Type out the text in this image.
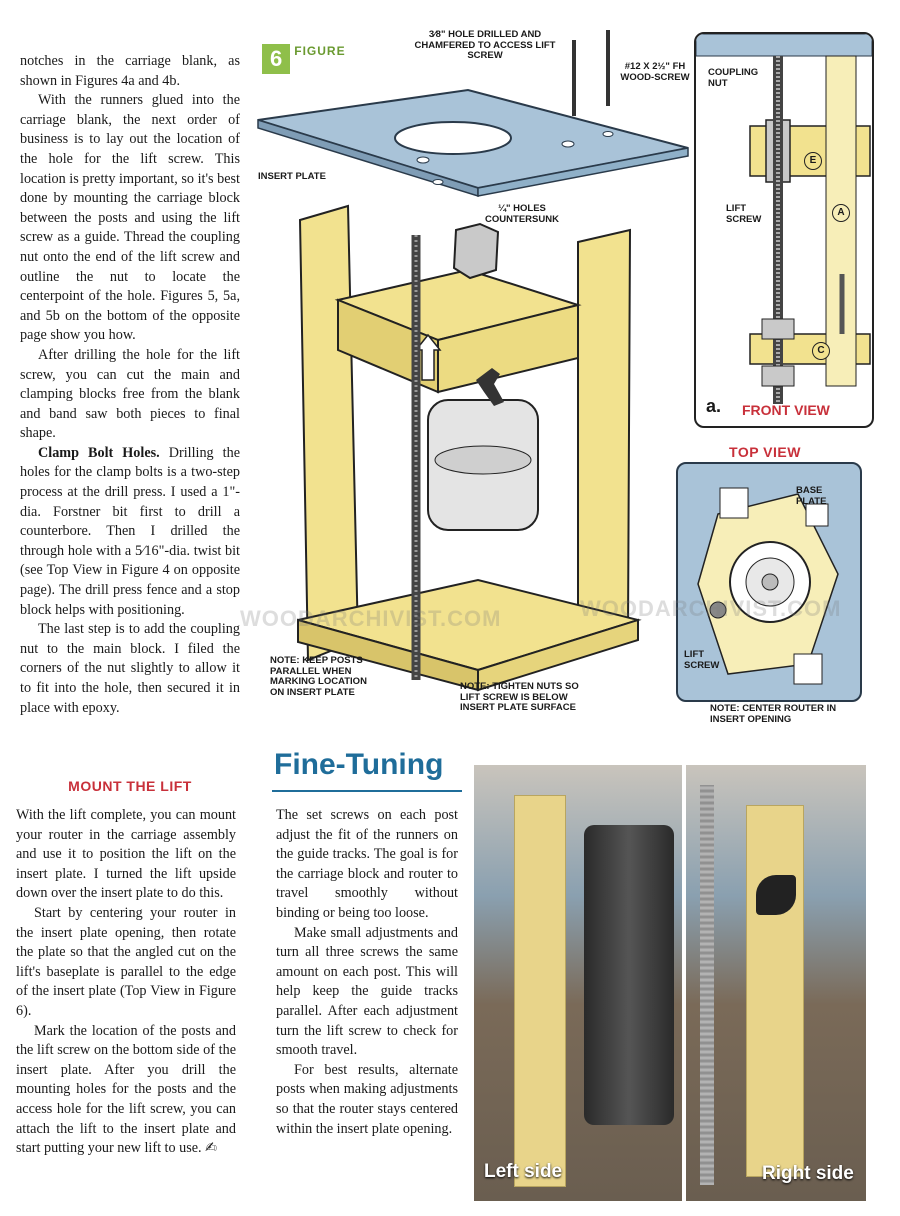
notches in the carriage blank, as shown in Figures 4a and 4b.

With the runners glued into the carriage blank, the next order of business is to lay out the location of the hole for the lift screw. This location is pretty important, so it's best done by mounting the carriage block between the posts and using the lift screw as a guide. Thread the coupling nut onto the end of the lift screw and outline the nut to locate the centerpoint of the hole. Figures 5, 5a, and 5b on the bottom of the opposite page show you how.

After drilling the hole for the lift screw, you can cut the main and clamping blocks free from the blank and band saw both pieces to final shape.

Clamp Bolt Holes. Drilling the holes for the clamp bolts is a two-step process at the drill press. I used a 1"-dia. Forstner bit first to drill a counterbore. Then I drilled the through hole with a 5⁄16"-dia. twist bit (see Top View in Figure 4 on opposite page). The drill press fence and a stop block helps with positioning.

The last step is to add the coupling nut to the main block. I filed the corners of the nut slightly to allow it to fit into the hole, then secured it in place with epoxy.

MOUNT THE LIFT

With the lift complete, you can mount your router in the carriage assembly and use it to position the lift on the insert plate. I turned the lift upside down over the insert plate to do this.

Start by centering your router in the insert plate opening, then rotate the plate so that the angled cut on the lift's baseplate is parallel to the edge of the insert plate (Top View in Figure 6).

Mark the location of the posts and the lift screw on the bottom side of the insert plate. After you drill the mounting holes for the posts and the access hole for the lift screw, you can attach the lift to the insert plate and start putting your new lift to use. ✍

6 $^{FIGURE}$
3⁄8" HOLE DRILLED AND CHAMFERED TO ACCESS LIFT SCREW
#12 X 2½" FH WOOD-SCREW
INSERT PLATE
¼" HOLES COUNTERSUNK
NOTE: KEEP POSTS PARALLEL WHEN MARKING LOCATION ON INSERT PLATE	NOTE: TIGHTEN NUTS SO LIFT SCREW IS BELOW INSERT PLATE SURFACE
COUPLING NUT
LIFT SCREW
E
A
C
a. FRONT VIEW
TOP VIEW
BASE PLATE
LIFT SCREW
NOTE: CENTER ROUTER IN INSERT OPENING
WOODARCHIVIST.COM	WOODARCHIVIST.COM
Fine-Tuning

The set screws on each post adjust the fit of the runners on the guide tracks. The goal is for the carriage block and router to travel smoothly without binding or being too loose.

Make small adjustments and turn all three screws the same amount on each post. This will help keep the guide tracks parallel. After each adjustment turn the lift screw to check for smooth travel.

For best results, alternate posts when making adjustments so that the router stays centered within the insert plate opening.

Left side	Right side
